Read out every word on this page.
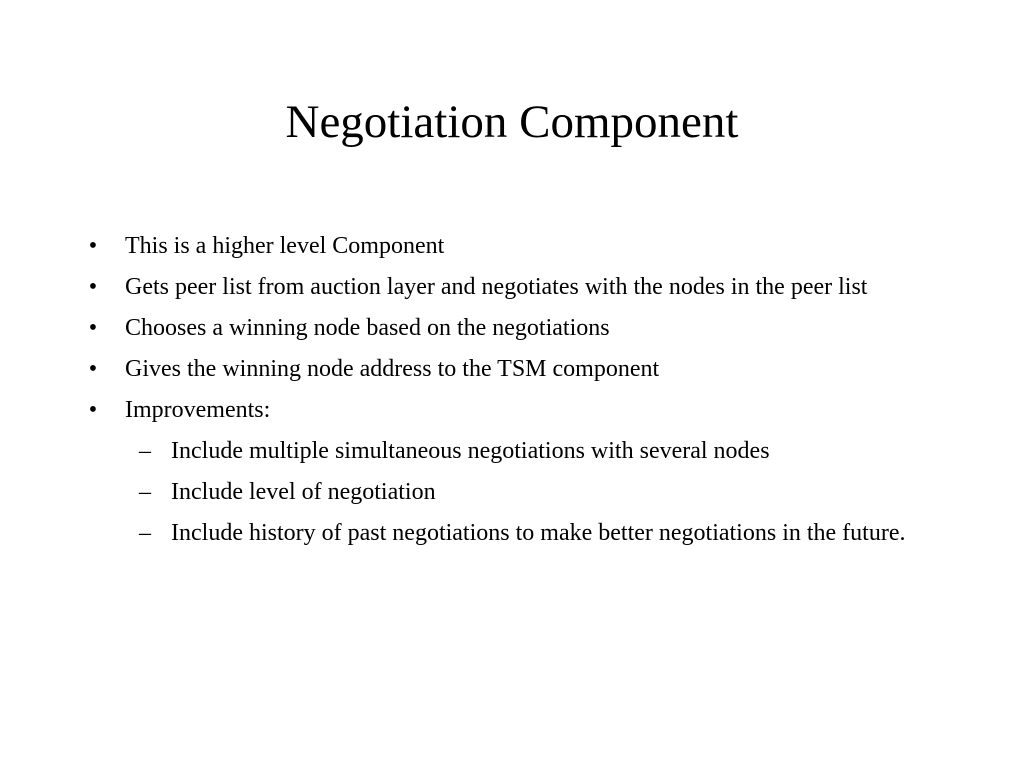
Negotiation Component
• This is a higher level Component
• Gets peer list from auction layer and negotiates with the nodes in the peer list
• Chooses a winning node based on the negotiations
• Gives the winning node address to the TSM component
• Improvements:
– Include multiple simultaneous negotiations with several nodes
– Include level of negotiation
– Include history of past negotiations to make better negotiations in the future.
